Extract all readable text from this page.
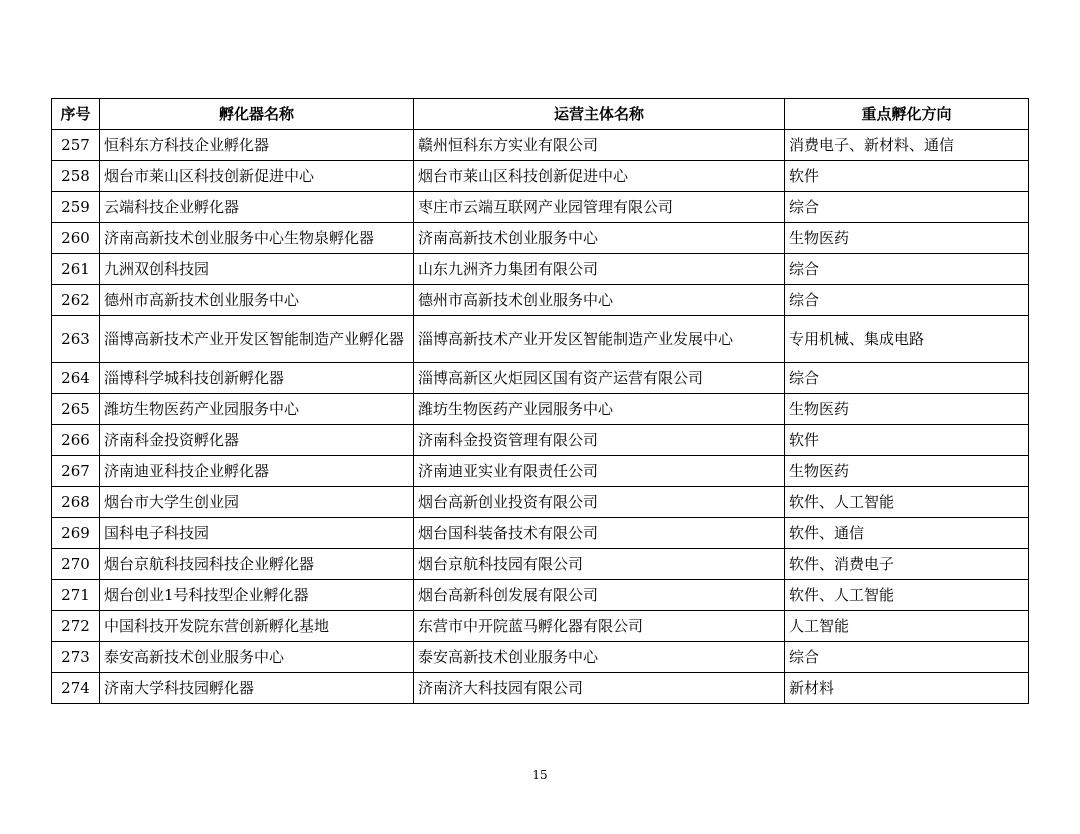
序号	孵化器名称	运营主体名称	重点孵化方向
257	恒科东方科技企业孵化器	赣州恒科东方实业有限公司	消费电子、新材料、通信
258	烟台市莱山区科技创新促进中心	烟台市莱山区科技创新促进中心	软件
259	云端科技企业孵化器	枣庄市云端互联网产业园管理有限公司	综合
260	济南高新技术创业服务中心生物泉孵化器	济南高新技术创业服务中心	生物医药
261	九洲双创科技园	山东九洲齐力集团有限公司	综合
262	德州市高新技术创业服务中心	德州市高新技术创业服务中心	综合
263	淄博高新技术产业开发区智能制造产业孵化器	淄博高新技术产业开发区智能制造产业发展中心	专用机械、集成电路
264	淄博科学城科技创新孵化器	淄博高新区火炬园区国有资产运营有限公司	综合
265	潍坊生物医药产业园服务中心	潍坊生物医药产业园服务中心	生物医药
266	济南科金投资孵化器	济南科金投资管理有限公司	软件
267	济南迪亚科技企业孵化器	济南迪亚实业有限责任公司	生物医药
268	烟台市大学生创业园	烟台高新创业投资有限公司	软件、人工智能
269	国科电子科技园	烟台国科装备技术有限公司	软件、通信
270	烟台京航科技园科技企业孵化器	烟台京航科技园有限公司	软件、消费电子
271	烟台创业1号科技型企业孵化器	烟台高新科创发展有限公司	软件、人工智能
272	中国科技开发院东营创新孵化基地	东营市中开院蓝马孵化器有限公司	人工智能
273	泰安高新技术创业服务中心	泰安高新技术创业服务中心	综合
274	济南大学科技园孵化器	济南济大科技园有限公司	新材料
15
